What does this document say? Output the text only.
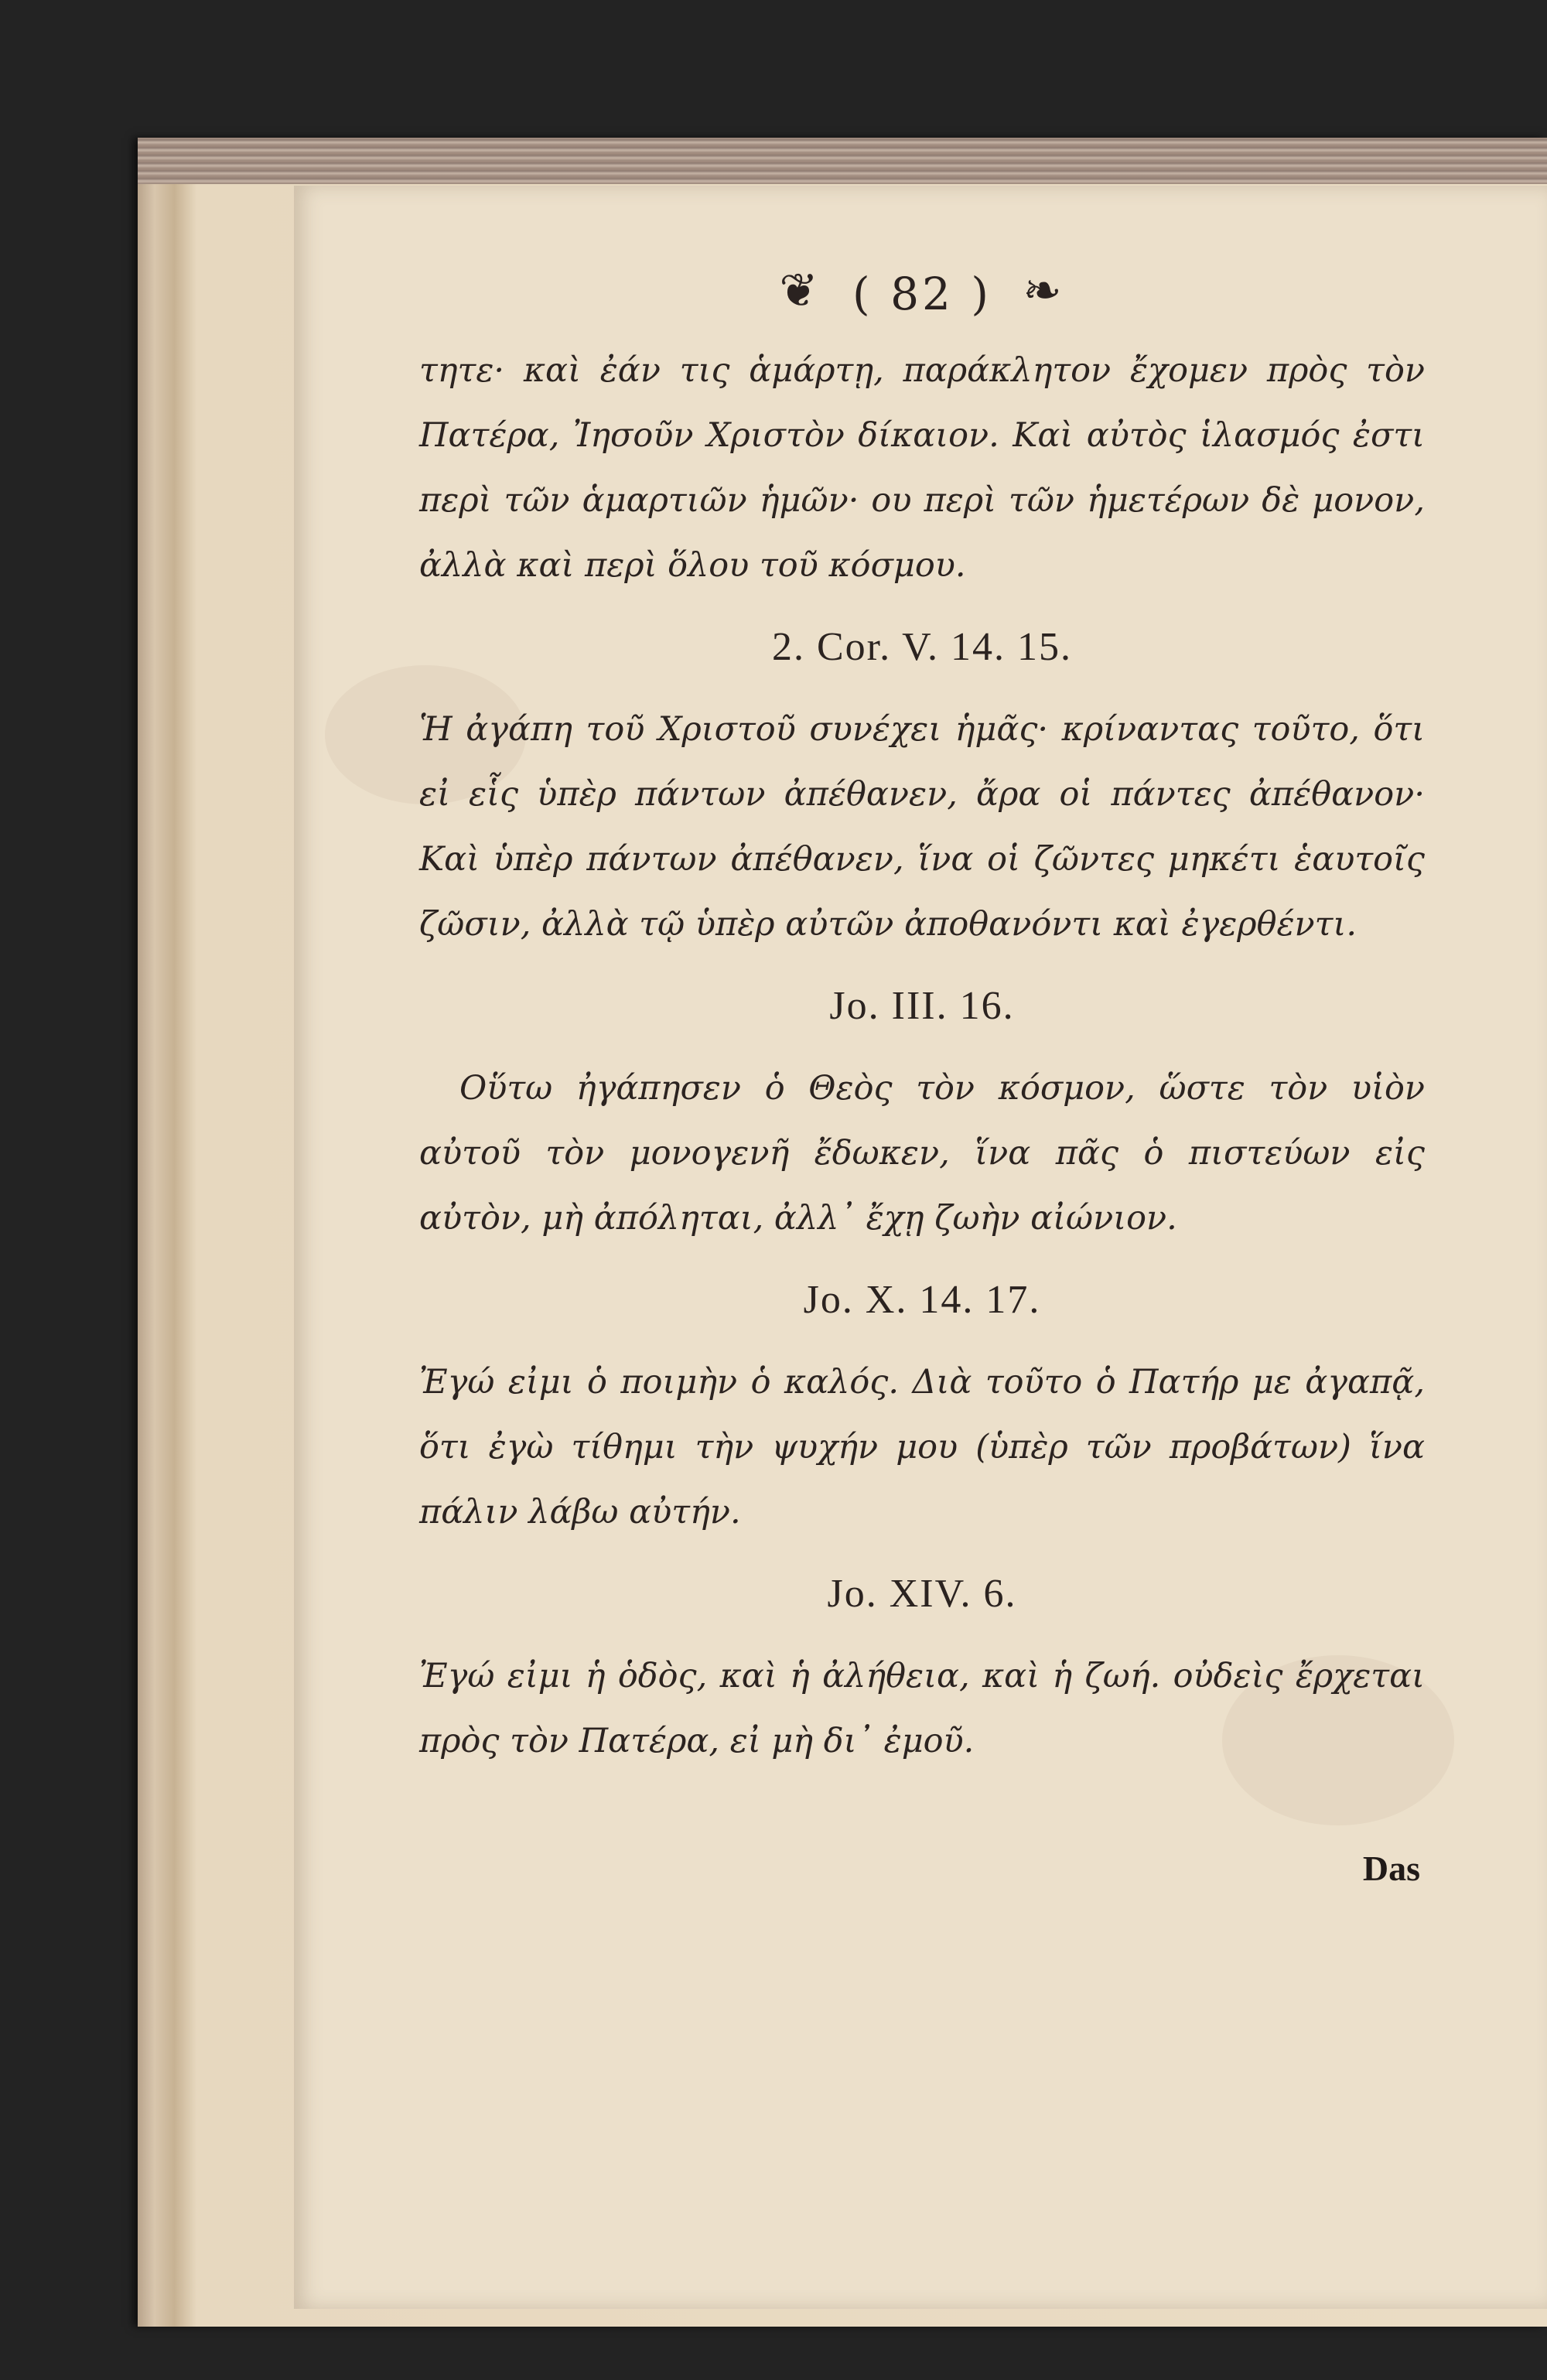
❦ ( 82 ) ❧

τητε· καὶ ἐάν τις ἁμάρτῃ, παράκλητον ἔχομεν πρὸς τὸν Πατέρα, Ἰησοῦν Χριστὸν δίκαιον. Καὶ αὐτὸς ἱλασμός ἐστι περὶ τῶν ἁμαρτιῶν ἡμῶν· ου περὶ τῶν ἡμετέρων δὲ μονον, ἀλλὰ καὶ περὶ ὅλου τοῦ κόσμου.

2. Cor. V. 14. 15.

Ἡ ἀγάπη τοῦ Χριστοῦ συνέχει ἡμᾶς· κρίναντας τοῦτο, ὅτι εἰ εἷς ὑπὲρ πάντων ἀπέθανεν, ἄρα οἱ πάντες ἀπέθανον· Καὶ ὑπὲρ πάντων ἀπέθανεν, ἵνα οἱ ζῶντες μηκέτι ἑαυτοῖς ζῶσιν, ἀλλὰ τῷ ὑπὲρ αὐτῶν ἀποθανόντι καὶ ἐγερθέντι.

Jo. III. 16.

Οὕτω ἠγάπησεν ὁ Θεὸς τὸν κόσμον, ὥστε τὸν υἱὸν αὐτοῦ τὸν μονογενῆ ἔδωκεν, ἵνα πᾶς ὁ πιστεύων εἰς αὐτὸν, μὴ ἀπόληται, ἀλλ᾽ ἔχῃ ζωὴν αἰώνιον.

Jo. X. 14. 17.

Ἐγώ εἰμι ὁ ποιμὴν ὁ καλός. Διὰ τοῦτο ὁ Πατήρ με ἀγαπᾷ, ὅτι ἐγὼ τίθημι τὴν ψυχήν μου (ὑπὲρ τῶν προβάτων) ἵνα πάλιν λάβω αὐτήν.

Jo. XIV. 6.

Ἐγώ εἰμι ἡ ὁδὸς, καὶ ἡ ἀλήθεια, καὶ ἡ ζωή. οὐδεὶς ἔρχεται πρὸς τὸν Πατέρα, εἰ μὴ δι᾽ ἐμοῦ.

Das
